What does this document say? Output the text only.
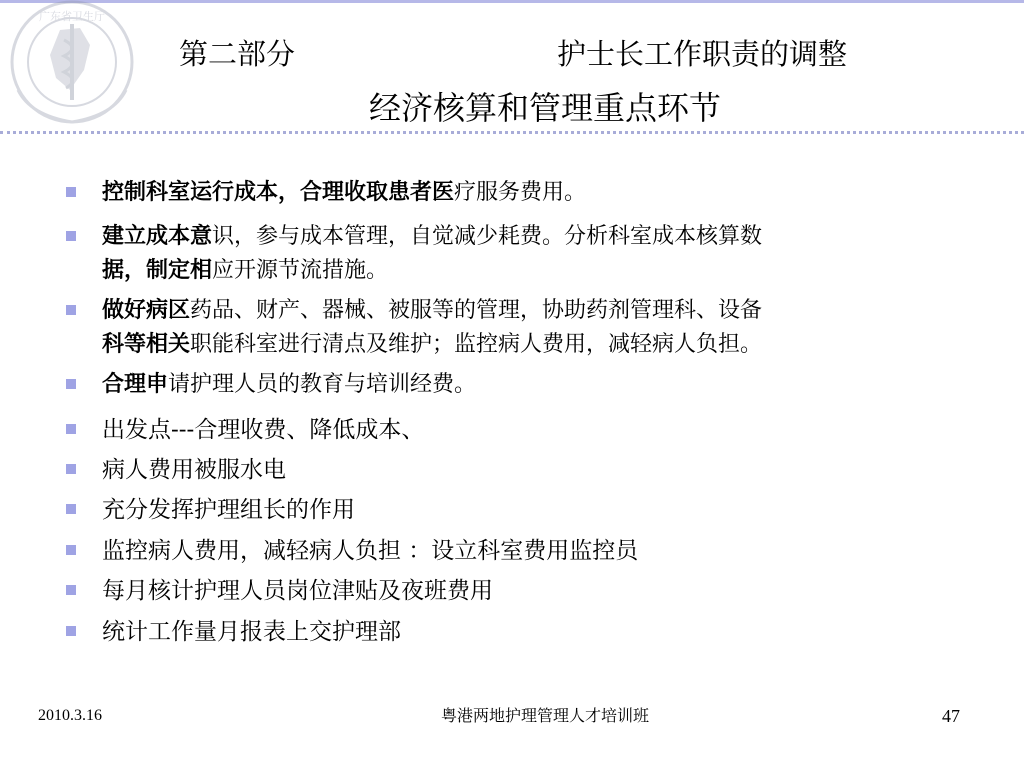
广东省卫生厅
第二部分	护士长工作职责的调整
经济核算和管理重点环节
控制科室运行成本，合理收取患者医疗服务费用。
建立成本意识，参与成本管理，自觉减少耗费。分析科室成本核算数
据，制定相应开源节流措施。
做好病区药品、财产、器械、被服等的管理，协助药剂管理科、设备
科等相关职能科室进行清点及维护；监控病人费用，减轻病人负担。
合理申请护理人员的教育与培训经费。
出发点---合理收费、降低成本、
病人费用被服水电
充分发挥护理组长的作用
监控病人费用，减轻病人负担 ：设立科室费用监控员
每月核计护理人员岗位津贴及夜班费用
统计工作量月报表上交护理部
2010.3.16	粤港两地护理管理人才培训班	47
